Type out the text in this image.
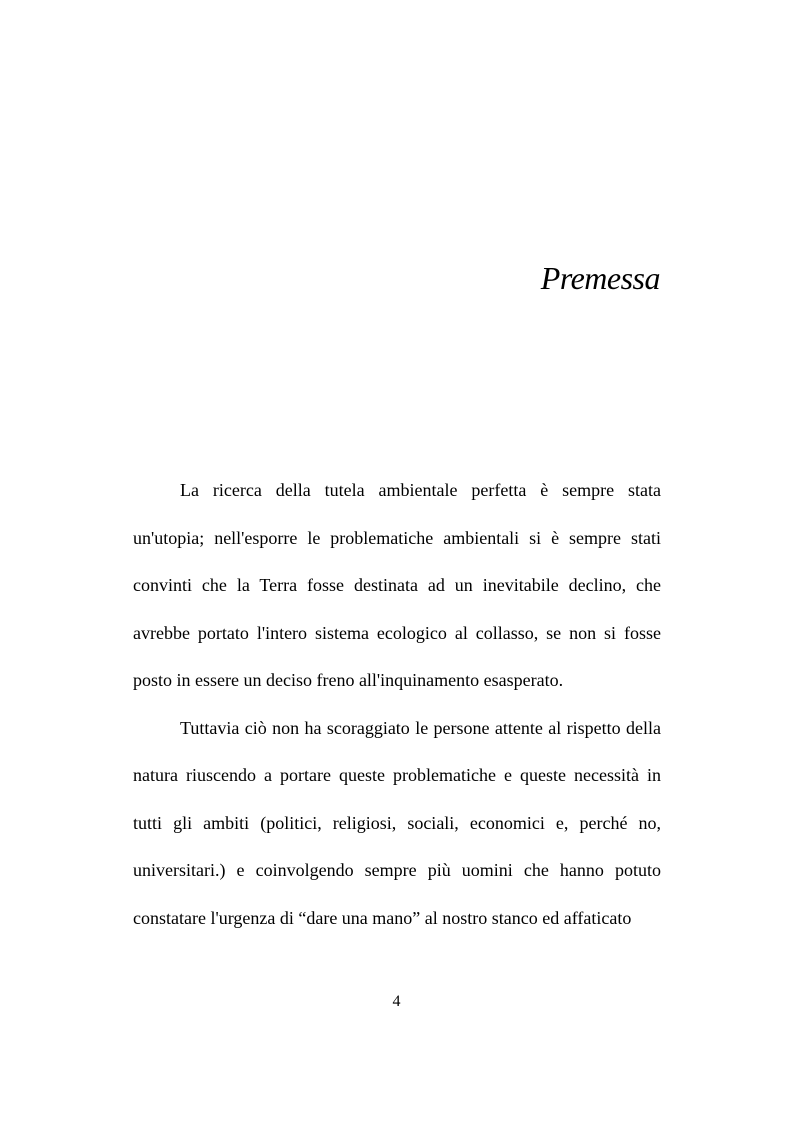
Premessa

La ricerca della tutela ambientale perfetta è sempre stata un'utopia; nell'esporre le problematiche ambientali si è sempre stati convinti che la Terra fosse destinata ad un inevitabile declino, che avrebbe portato l'intero sistema ecologico al collasso, se non si fosse posto in essere un deciso freno all'inquinamento esasperato.

Tuttavia ciò non ha scoraggiato le persone attente al rispetto della natura riuscendo a portare queste problematiche e queste necessità in tutti gli ambiti (politici, religiosi, sociali, economici e, perché no, universitari.) e coinvolgendo sempre più uomini che hanno potuto constatare l'urgenza di “dare una mano” al nostro stanco ed affaticato

4
